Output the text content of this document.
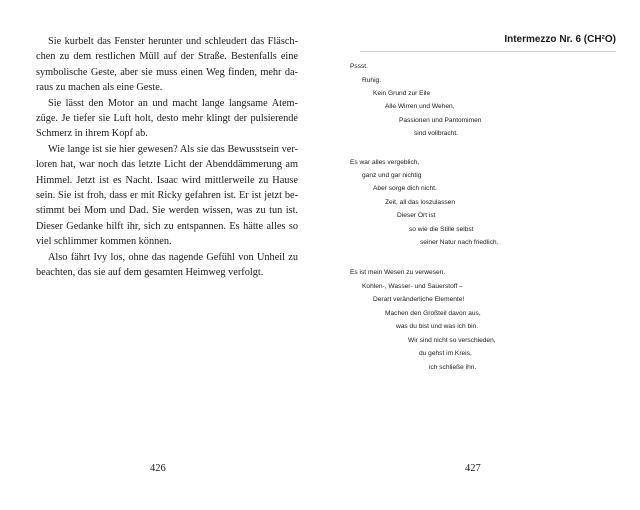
Sie kurbelt das Fenster herunter und schleudert das Fläsch- chen zu dem restlichen Müll auf der Straße. Bestenfalls eine symbolische Geste, aber sie muss einen Weg finden, mehr da- raus zu machen als eine Geste.

Sie lässt den Motor an und macht lange langsame Atem- züge. Je tiefer sie Luft holt, desto mehr klingt der pulsierende Schmerz in ihrem Kopf ab.

Wie lange ist sie hier gewesen? Als sie das Bewusstsein ver- loren hat, war noch das letzte Licht der Abenddämmerung am Himmel. Jetzt ist es Nacht. Isaac wird mittlerweile zu Hause sein. Sie ist froh, dass er mit Ricky gefahren ist. Er ist jetzt be- stimmt bei Mom und Dad. Sie werden wissen, was zu tun ist. Dieser Gedanke hilft ihr, sich zu entspannen. Es hätte alles so viel schlimmer kommen können.

Also fährt Ivy los, ohne das nagende Gefühl von Unheil zu beachten, das sie auf dem gesamten Heimweg verfolgt.

426
Intermezzo Nr. 6 (CH²O)
Pssst.
Ruhig.
Kein Grund zur Eile
Alle Wirren und Wehen,
Passionen und Pantomimen
sind vollbracht.
Es war alles vergeblich,
ganz und gar nichtig
Aber sorge dich nicht.
Zeit, all das loszulassen
Dieser Ort ist
so wie die Stille selbst
seiner Natur nach friedlich.
Es ist mein Wesen zu verwesen.
Kohlen-, Wasser- und Sauerstoff –
Derart veränderliche Elemente!
Machen den Großteil davon aus,
was du bist und was ich bin.
Wir sind nicht so verschieden,
du gehst im Kreis,
ich schließe ihn.
427
